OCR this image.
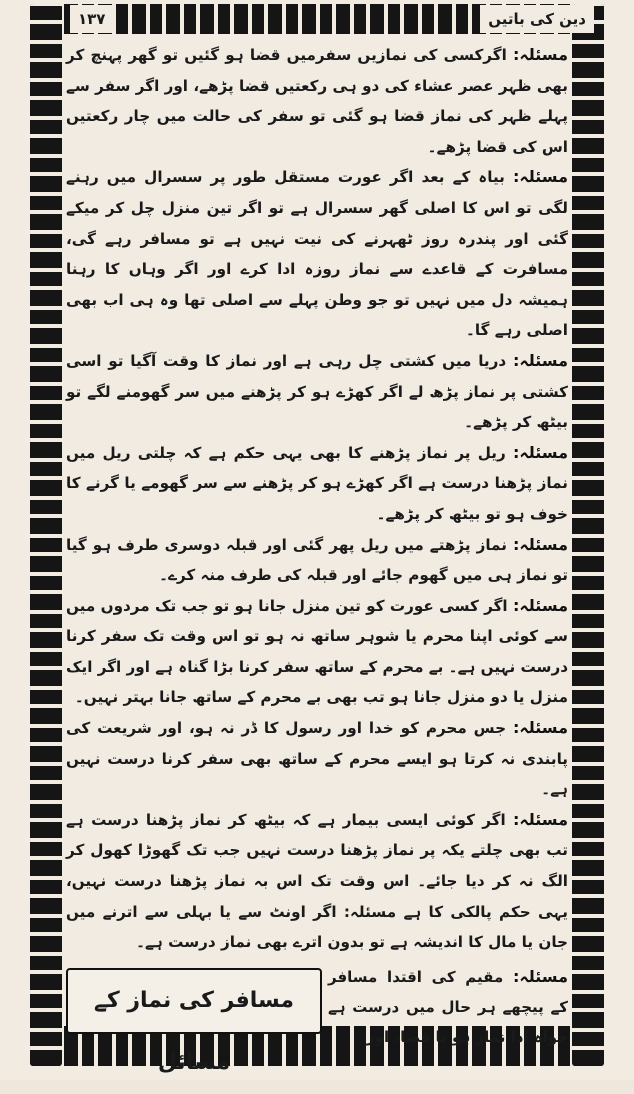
دین کی باتیں
۱۳۷

مسئلہ: اگرکسی کی نمازیں سفرمیں قضا ہو گئیں تو گھر پہنچ کر بھی ظہر عصر عشاء کی دو ہی رکعتیں قضا پڑھے، اور اگر سفر سے پہلے ظہر کی نماز قضا ہو گئی تو سفر کی حالت میں چار رکعتیں اس کی قضا پڑھے۔

مسئلہ: بیاہ کے بعد اگر عورت مستقل طور پر سسرال میں رہنے لگی تو اس کا اصلی گھر سسرال ہے تو اگر تین منزل چل کر میکے گئی اور پندرہ روز ٹھہرنے کی نیت نہیں ہے تو مسافر رہے گی، مسافرت کے قاعدے سے نماز روزہ ادا کرے اور اگر وہاں کا رہنا ہمیشہ دل میں نہیں تو جو وطن پہلے سے اصلی تھا وہ ہی اب بھی اصلی رہے گا۔

مسئلہ: دریا میں کشتی چل رہی ہے اور نماز کا وقت آگیا تو اسی کشتی پر نماز پڑھ لے اگر کھڑے ہو کر پڑھنے میں سر گھومنے لگے تو بیٹھ کر پڑھے۔

مسئلہ: ریل پر نماز پڑھنے کا بھی یہی حکم ہے کہ چلتی ریل میں نماز پڑھنا درست ہے اگر کھڑے ہو کر پڑھنے سے سر گھومے یا گرنے کا خوف ہو تو بیٹھ کر پڑھے۔

مسئلہ: نماز پڑھتے میں ریل پھر گئی اور قبلہ دوسری طرف ہو گیا تو نماز ہی میں گھوم جائے اور قبلہ کی طرف منہ کرے۔

مسئلہ: اگر کسی عورت کو تین منزل جانا ہو تو جب تک مردوں میں سے کوئی اپنا محرم یا شوہر ساتھ نہ ہو تو اس وقت تک سفر کرنا درست نہیں ہے۔ بے محرم کے ساتھ سفر کرنا بڑا گناہ ہے اور اگر ایک منزل یا دو منزل جانا ہو تب بھی بے محرم کے ساتھ جانا بہتر نہیں۔

مسئلہ: جس محرم کو خدا اور رسول کا ڈر نہ ہو، اور شریعت کی پابندی نہ کرتا ہو ایسے محرم کے ساتھ بھی سفر کرنا درست نہیں ہے۔

مسئلہ: اگر کوئی ایسی بیمار ہے کہ بیٹھ کر نماز پڑھنا درست ہے تب بھی چلتے یکہ پر نماز پڑھنا درست نہیں جب تک گھوڑا کھول کر الگ نہ کر دیا جائے۔ اس وقت تک اس بہ نماز پڑھنا درست نہیں، یہی حکم پالکی کا ہے مسئلہ: اگر اونٹ سے یا بہلی سے اترنے میں جان یا مال کا اندیشہ ہے تو بدون اترے بھی نماز درست ہے۔

مسافر کی نماز کے مسائل
مسئلہ: مقیم کی اقتدا مسافر کے پیچھے ہر حال میں درست ہے خواہ ادا نماز ہو یا قضا، اور
